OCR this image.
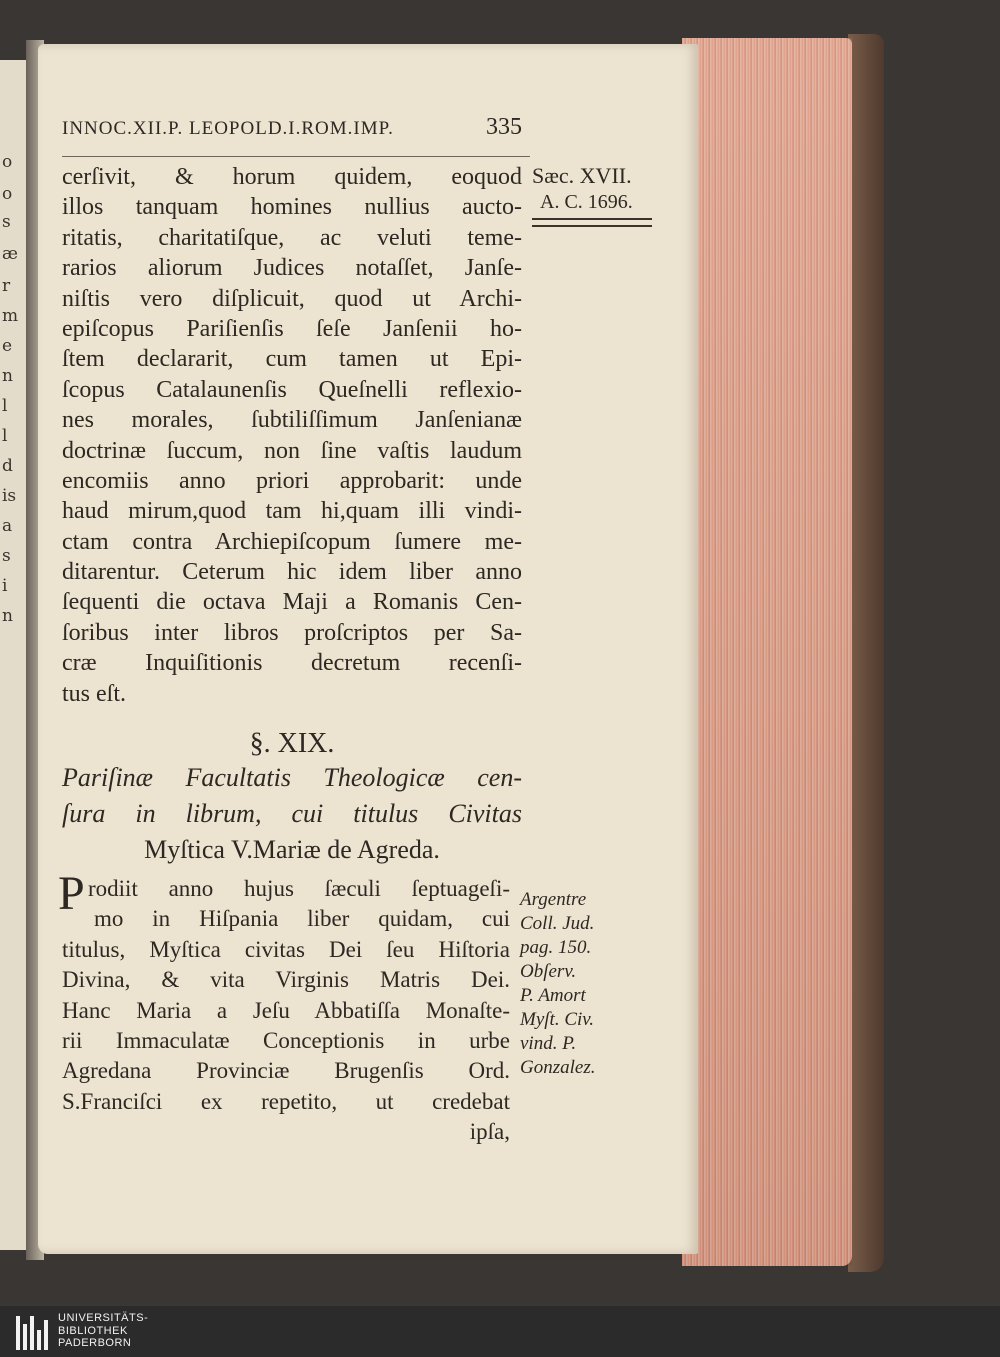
o
o
s
æ
r
m
e
n
l
l
d
is
a
s
i
n
INNOC.XII.P. LEOPOLD.I.ROM.IMP.	335
Sæc. XVII.
A. C. 1696.
cerſivit, & horum quidem, eoquod
illos tanquam homines nullius aucto-
ritatis, charitatiſque, ac veluti teme-
rarios aliorum Judices notaſſet, Janſe-
niſtis vero diſplicuit, quod ut Archi-
epiſcopus Pariſienſis ſeſe Janſenii ho-
ſtem declararit, cum tamen ut Epi-
ſcopus Catalaunenſis Queſnelli reflexio-
nes morales, ſubtiliſſimum Janſenianæ
doctrinæ ſuccum, non ſine vaſtis laudum
encomiis anno priori approbarit: unde
haud mirum,quod tam hi,quam illi vindi-
ctam contra Archiepiſcopum ſumere me-
ditarentur. Ceterum hic idem liber anno
ſequenti die octava Maji a Romanis Cen-
ſoribus inter libros proſcriptos per Sa-
cræ Inquiſitionis decretum recenſi-
tus eſt.
§. XIX.
Pariſinæ Facultatis Theologicæ cen-
ſura in librum, cui titulus Civitas
Myſtica V.Mariæ de Agreda.
P rodiit anno hujus ſæculi ſeptuageſi-
mo in Hiſpania liber quidam, cui
titulus, Myſtica civitas Dei ſeu Hiſtoria
Divina, & vita Virginis Matris Dei.
Hanc Maria a Jeſu Abbatiſſa Monaſte-
rii Immaculatæ Conceptionis in urbe
Agredana Provinciæ Brugenſis Ord.
S.Franciſci ex repetito, ut credebat
ipſa,
Argentre
Coll. Jud.
pag. 150.
Obſerv.
P. Amort
Myſt. Civ.
vind. P.
Gonzalez.
UNIVERSITÄTS-
BIBLIOTHEK
PADERBORN
